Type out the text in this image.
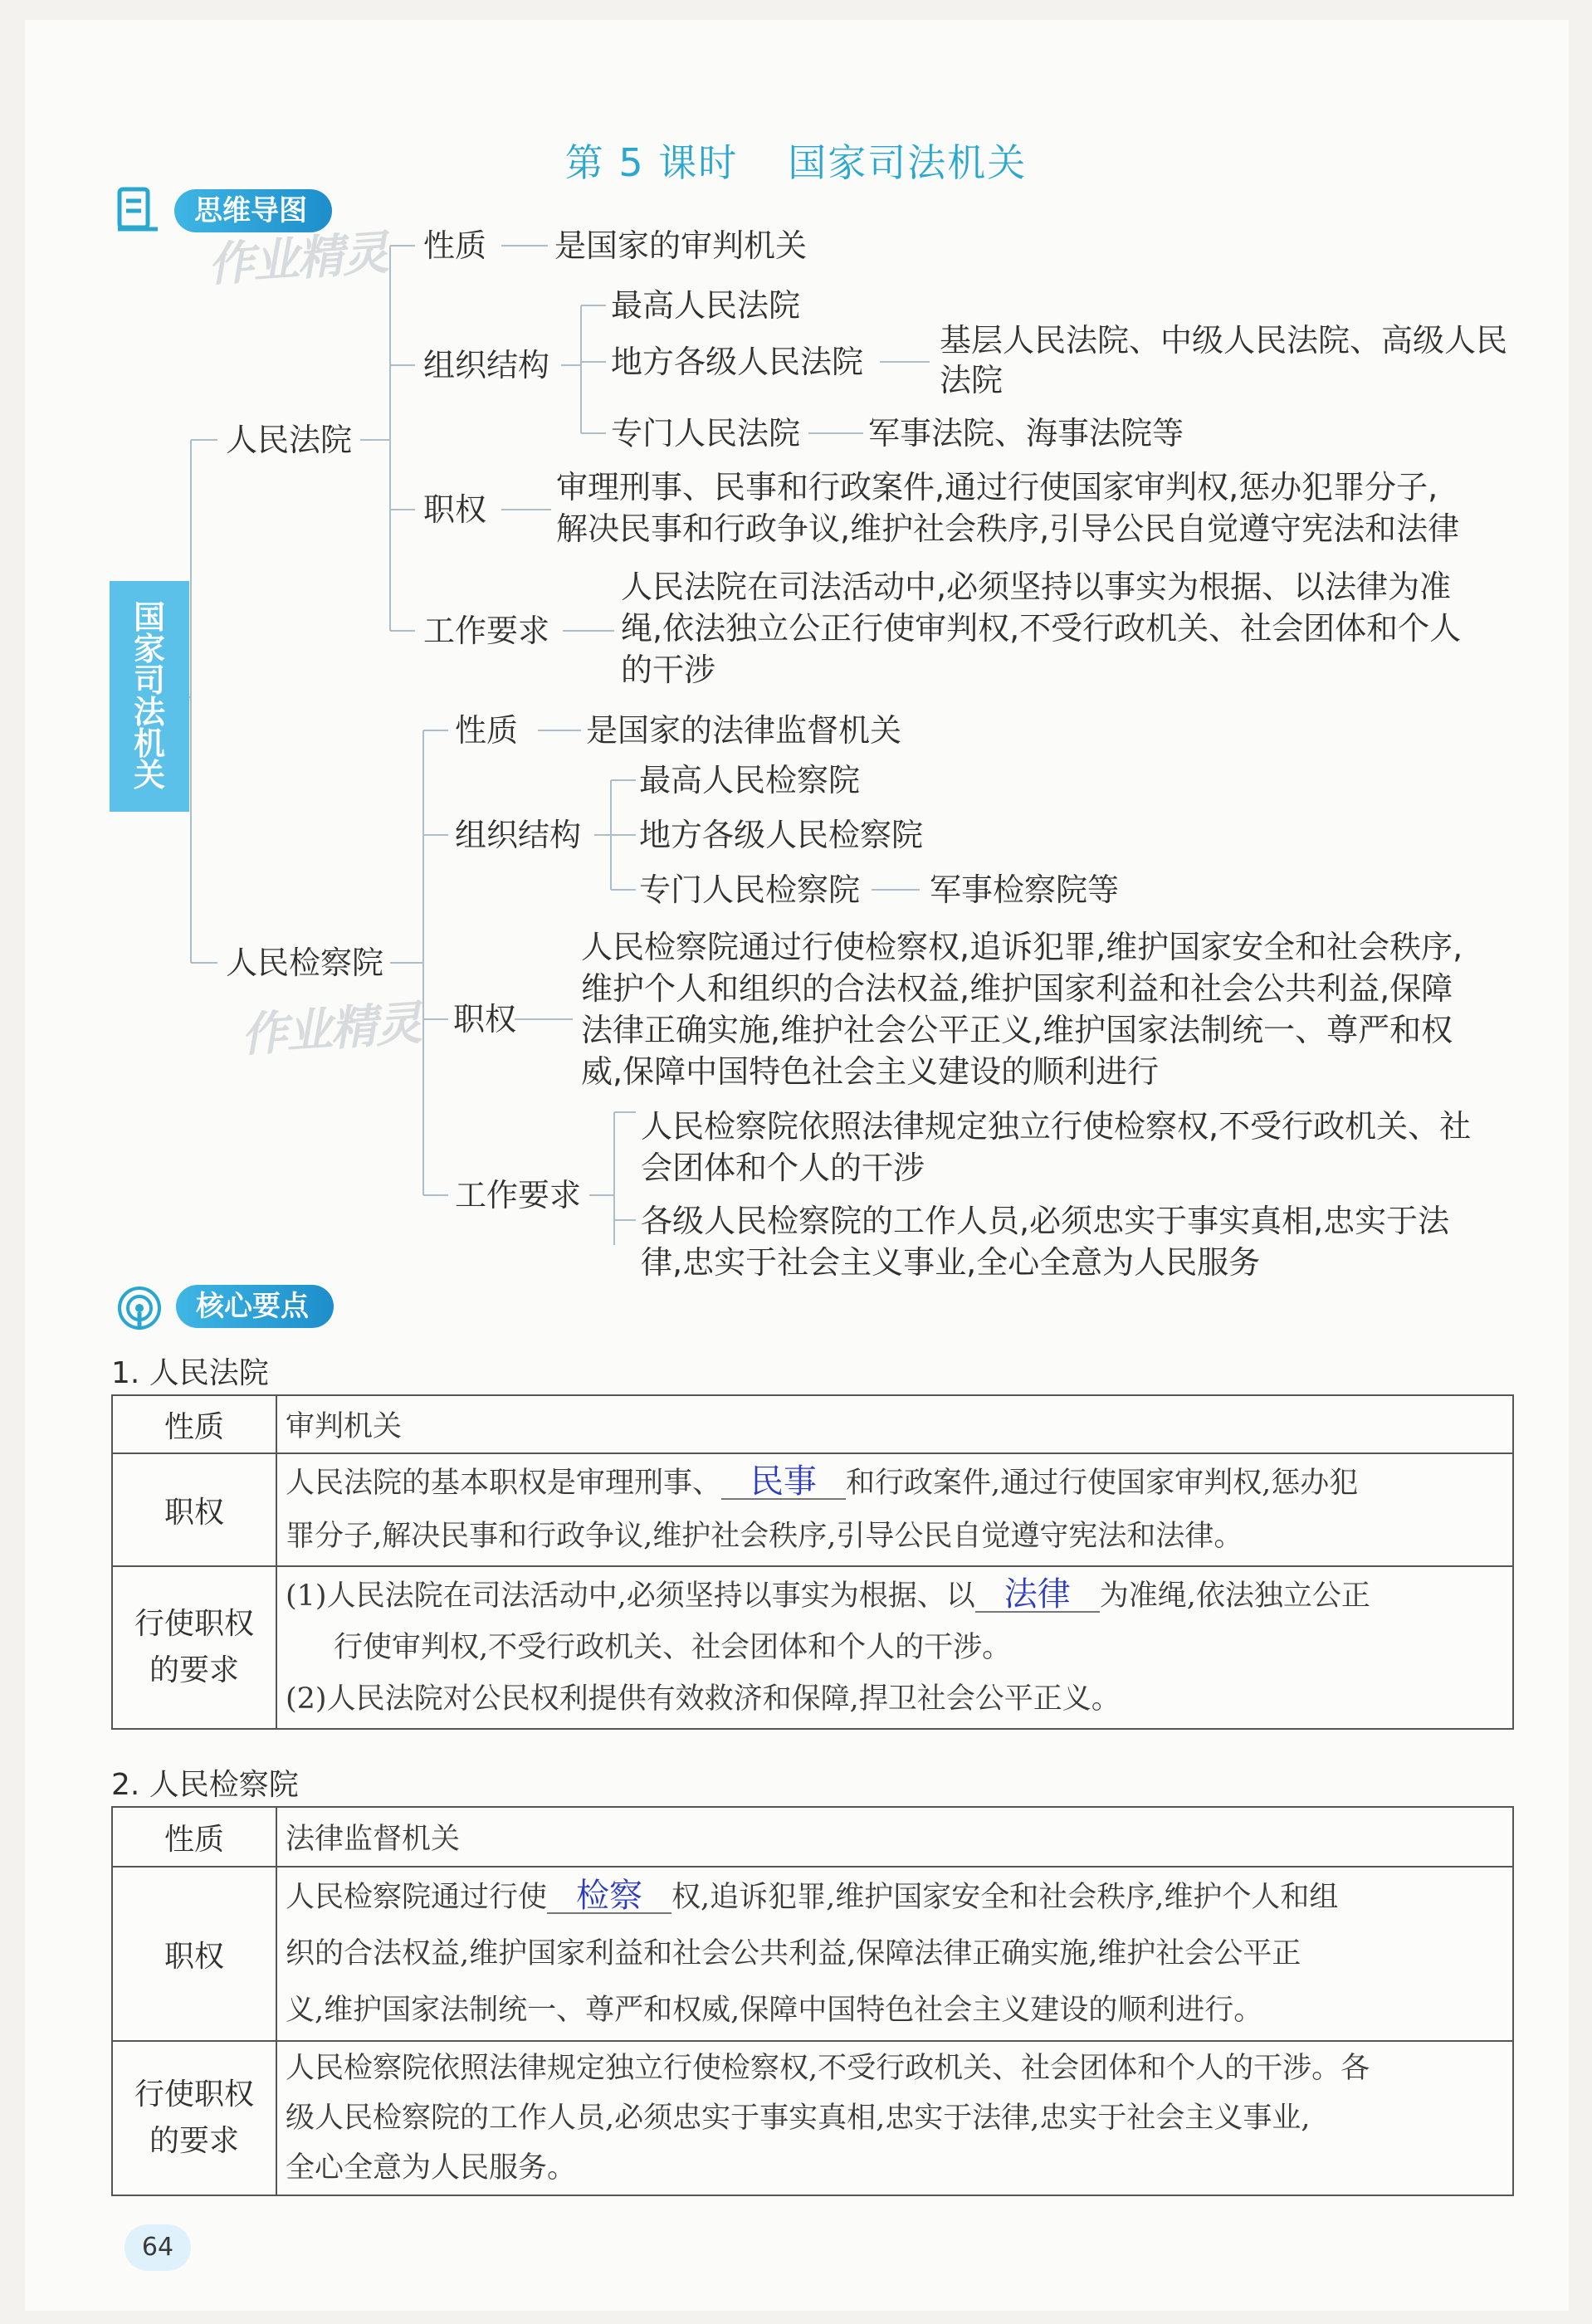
第 5 课时 国家司法机关
思维导图
作业精灵
国
家
司
法
机
关
人民法院
性质 是国家的审判机关
组织结构
最高人民法院
地方各级人民法院
基层人民法院、中级人民法院、高级人民
法院
专门人民法院 军事法院、海事法院等
职权
审理刑事、民事和行政案件,通过行使国家审判权,惩办犯罪分子,
解决民事和行政争议,维护社会秩序,引导公民自觉遵守宪法和法律
工作要求
人民法院在司法活动中,必须坚持以事实为根据、以法律为准
绳,依法独立公正行使审判权,不受行政机关、社会团体和个人
的干涉
人民检察院
性质 是国家的法律监督机关
组织结构
最高人民检察院
地方各级人民检察院
专门人民检察院 军事检察院等
作业精灵 职权
人民检察院通过行使检察权,追诉犯罪,维护国家安全和社会秩序,
维护个人和组织的合法权益,维护国家利益和社会公共利益,保障
法律正确实施,维护社会公平正义,维护国家法制统一、尊严和权
威,保障中国特色社会主义建设的顺利进行
工作要求
人民检察院依照法律规定独立行使检察权,不受行政机关、社
会团体和个人的干涉
各级人民检察院的工作人员,必须忠实于事实真相,忠实于法
律,忠实于社会主义事业,全心全意为人民服务
核心要点
1. 人民法院
性质	审判机关
职权	人民法院的基本职权是审理刑事、 民事 和行政案件,通过行使国家审判权,惩办犯
罪分子,解决民事和行政争议,维护社会秩序,引导公民自觉遵守宪法和法律。
行使职权的要求	(1)人民法院在司法活动中,必须坚持以事实为根据、以 法律 为准绳,依法独立公正
行使审判权,不受行政机关、社会团体和个人的干涉。
(2)人民法院对公民权利提供有效救济和保障,捍卫社会公平正义。
2. 人民检察院
性质	法律监督机关
职权	人民检察院通过行使 检察 权,追诉犯罪,维护国家安全和社会秩序,维护个人和组
织的合法权益,维护国家利益和社会公共利益,保障法律正确实施,维护社会公平正
义,维护国家法制统一、尊严和权威,保障中国特色社会主义建设的顺利进行。
行使职权的要求	人民检察院依照法律规定独立行使检察权,不受行政机关、社会团体和个人的干涉。各
级人民检察院的工作人员,必须忠实于事实真相,忠实于法律,忠实于社会主义事业,
全心全意为人民服务。
64
